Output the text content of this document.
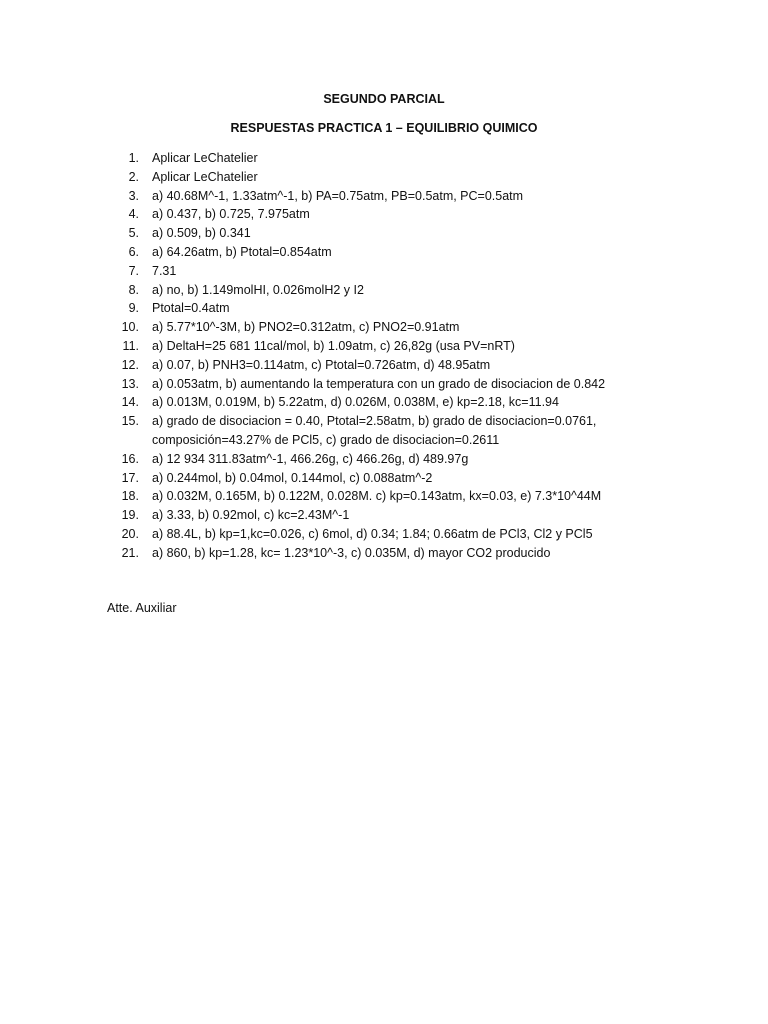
SEGUNDO PARCIAL
RESPUESTAS PRACTICA 1 – EQUILIBRIO QUIMICO
1. Aplicar LeChatelier
2. Aplicar LeChatelier
3. a) 40.68M^-1, 1.33atm^-1, b) PA=0.75atm, PB=0.5atm, PC=0.5atm
4. a) 0.437, b) 0.725, 7.975atm
5. a) 0.509, b) 0.341
6. a) 64.26atm, b) Ptotal=0.854atm
7. 7.31
8. a) no, b) 1.149molHI, 0.026molH2 y I2
9. Ptotal=0.4atm
10. a) 5.77*10^-3M, b) PNO2=0.312atm, c) PNO2=0.91atm
11. a) DeltaH=25 681 11cal/mol, b) 1.09atm, c) 26,82g (usa PV=nRT)
12. a) 0.07, b) PNH3=0.114atm, c) Ptotal=0.726atm, d) 48.95atm
13. a) 0.053atm, b) aumentando la temperatura con un grado de disociacion de 0.842
14. a) 0.013M, 0.019M, b) 5.22atm, d) 0.026M, 0.038M, e) kp=2.18, kc=11.94
15. a) grado de disociacion = 0.40, Ptotal=2.58atm, b) grado de disociacion=0.0761, composición=43.27% de PCl5, c) grado de disociacion=0.2611
16. a) 12 934 311.83atm^-1, 466.26g, c) 466.26g, d) 489.97g
17. a) 0.244mol, b) 0.04mol, 0.144mol, c) 0.088atm^-2
18. a) 0.032M, 0.165M, b) 0.122M, 0.028M. c) kp=0.143atm, kx=0.03, e) 7.3*10^44M
19. a) 3.33, b) 0.92mol, c) kc=2.43M^-1
20. a) 88.4L, b) kp=1,kc=0.026, c) 6mol, d) 0.34; 1.84; 0.66atm de PCl3, Cl2 y PCl5
21. a) 860, b) kp=1.28, kc= 1.23*10^-3, c) 0.035M, d) mayor CO2 producido
Atte. Auxiliar
